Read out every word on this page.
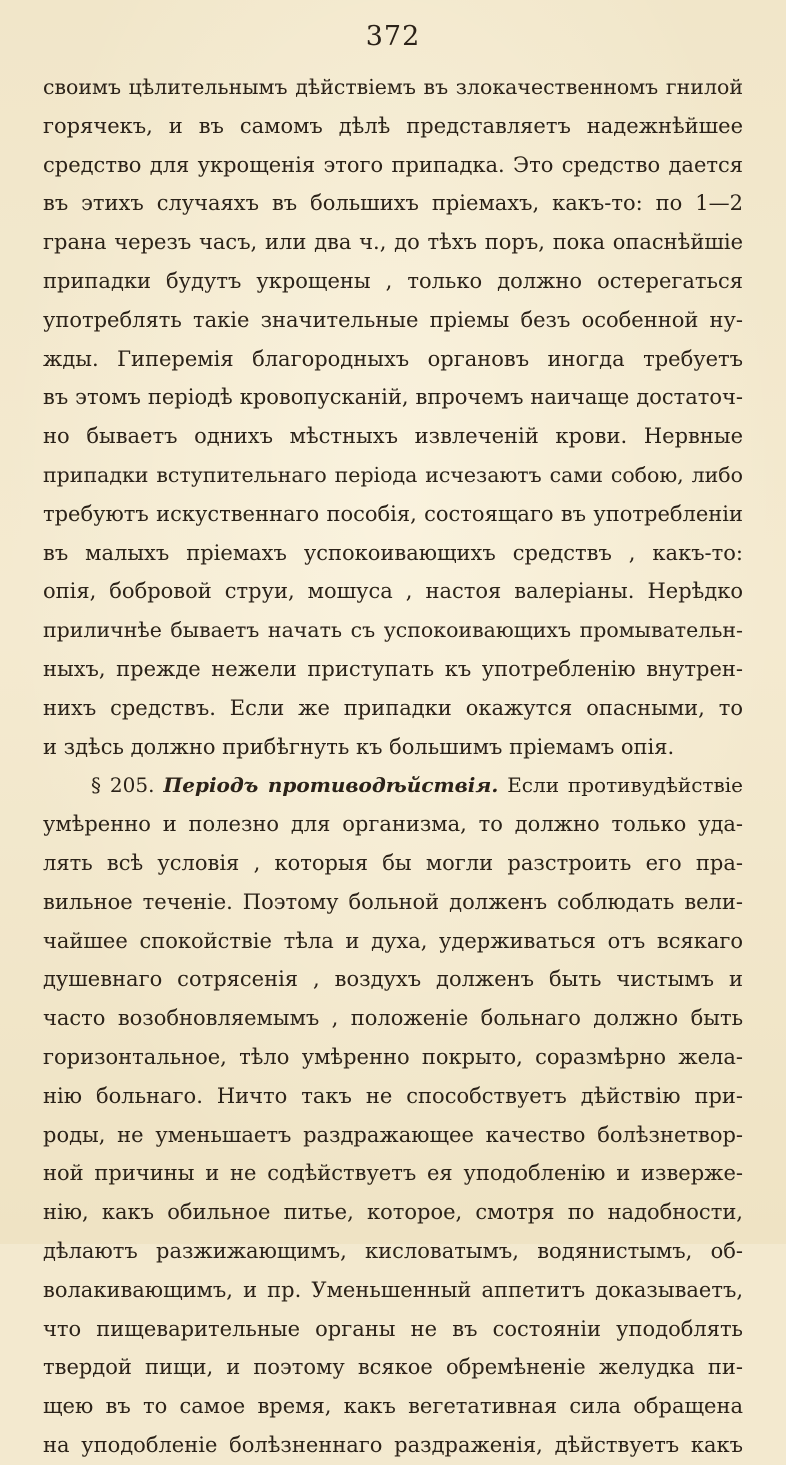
372
своимъ цѣлительнымъ дѣйствіемъ въ злокачественномъ гнилой
горячекъ, и въ самомъ дѣлѣ представляетъ надежнѣйшее
средство для укрощенія этого припадка. Это средство дается
въ этихъ случаяхъ въ большихъ пріемахъ, какъ-то: по 1—2
грана черезъ часъ, или два ч., до тѣхъ поръ, пока опаснѣйшіе
припадки будутъ укрощены , только должно остерегаться
употреблять такіе значительные пріемы безъ особенной ну-
жды. Гиперемія благородныхъ органовъ иногда требуетъ
въ этомъ періодѣ кровопусканій, впрочемъ наичаще достаточ-
но бываетъ однихъ мѣстныхъ извлеченій крови. Нервные
припадки вступительнаго періода исчезаютъ сами собою, либо
требуютъ искуственнаго пособія, состоящаго въ употребленіи
въ малыхъ пріемахъ успокоивающихъ средствъ , какъ-то:
опія, бобровой струи, мошуса , настоя валеріаны. Нерѣдко
приличнѣе бываетъ начать съ успокоивающихъ промывательн-
ныхъ, прежде нежели приступать къ употребленію внутрен-
нихъ средствъ. Если же припадки окажутся опасными, то
и здѣсь должно прибѣгнуть къ большимъ пріемамъ опія.
§ 205. Періодъ противодѣйствія. Если противудѣйствіе
умѣренно и полезно для организма, то должно только уда-
лять всѣ условія , которыя бы могли разстроить его пра-
вильное теченіе. Поэтому больной долженъ соблюдать вели-
чайшее спокойствіе тѣла и духа, удерживаться отъ всякаго
душевнаго сотрясенія , воздухъ долженъ быть чистымъ и
часто возобновляемымъ , положеніе больнаго должно быть
горизонтальное, тѣло умѣренно покрыто, соразмѣрно жела-
нію больнаго. Ничто такъ не способствуетъ дѣйствію при-
роды, не уменьшаетъ раздражающее качество болѣзнетвор-
ной причины и не содѣйствуетъ ея уподобленію и изверже-
нію, какъ обильное питье, которое, смотря по надобности,
дѣлаютъ разжижающимъ, кисловатымъ, водянистымъ, об-
волакивающимъ, и пр. Уменьшенный аппетитъ доказываетъ,
что пищеварительные органы не въ состояніи уподоблять
твердой пищи, и поэтому всякое обремѣненіе желудка пи-
щею въ то самое время, какъ вегетативная сила обращена
на уподобленіе болѣзненнаго раздраженія, дѣйствуетъ какъ
